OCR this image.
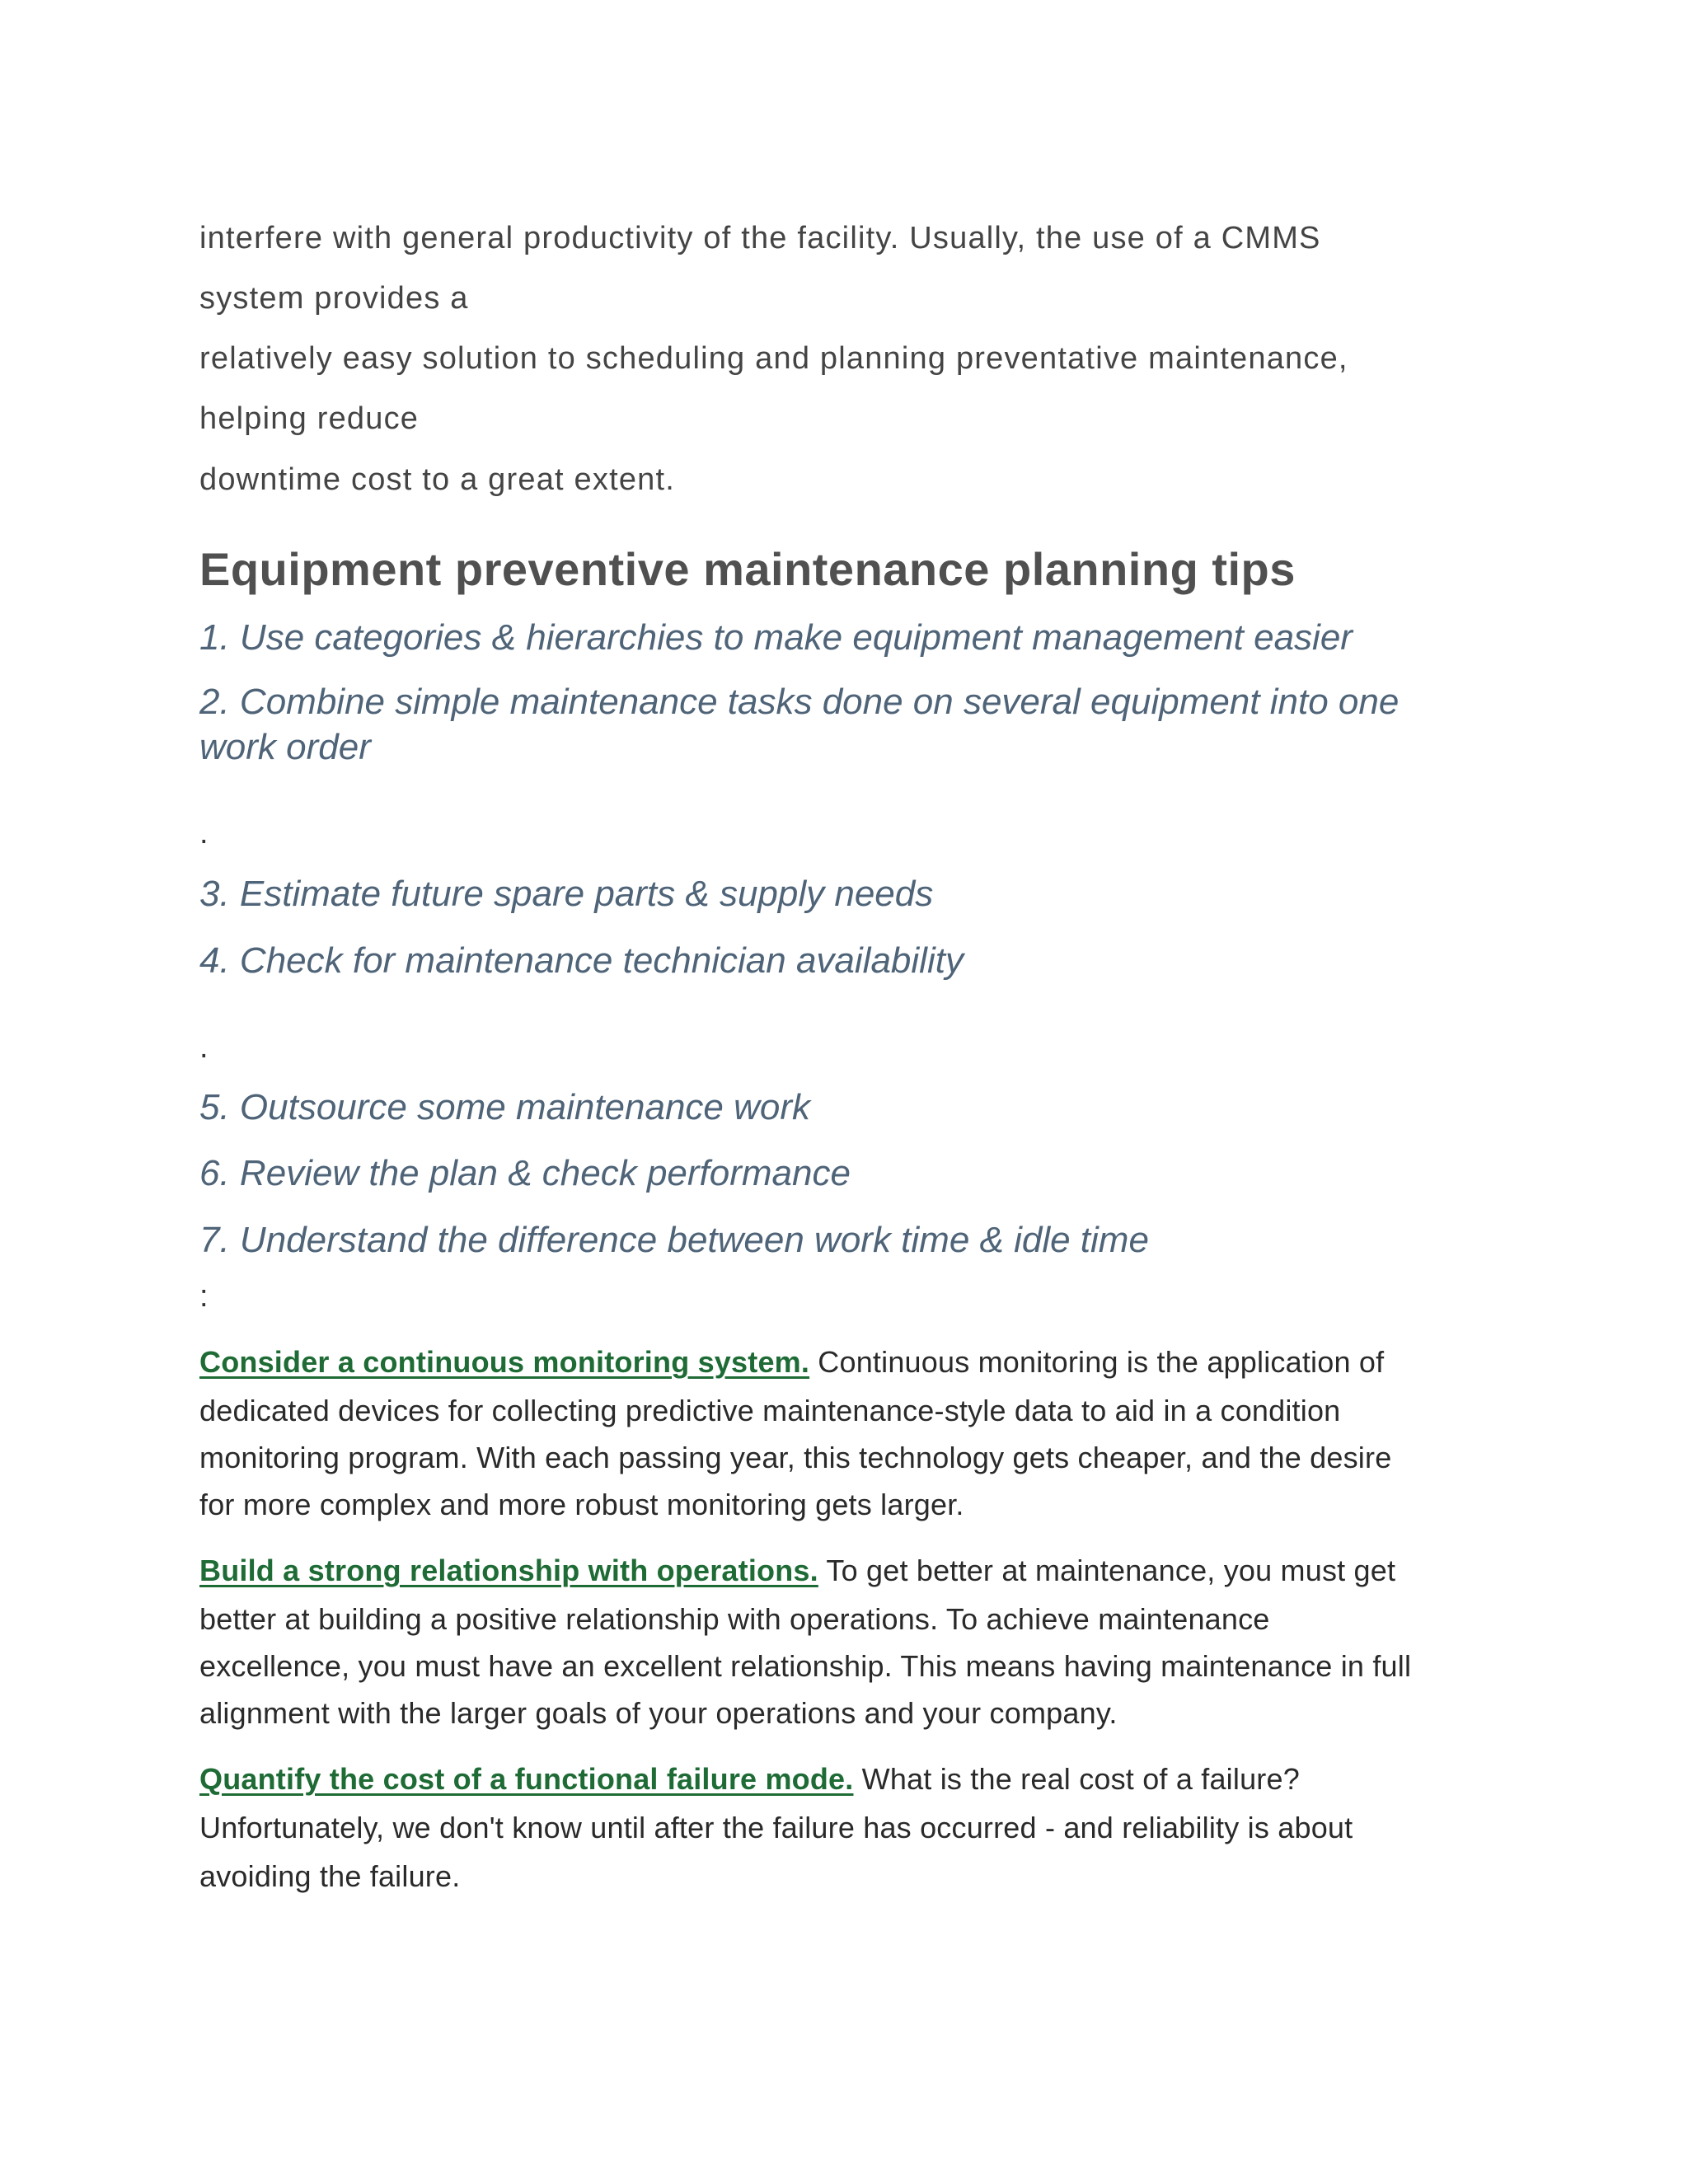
interfere with general productivity of the facility. Usually, the use of a CMMS

system provides a

relatively easy solution to scheduling and planning preventative maintenance,

helping reduce

downtime cost to a great extent.

Equipment preventive maintenance planning tips

1. Use categories & hierarchies to make equipment management easier

2. Combine simple maintenance tasks done on several equipment into one

work order

.

3. Estimate future spare parts & supply needs

4. Check for maintenance technician availability

.

5. Outsource some maintenance work

6. Review the plan & check performance

7. Understand the difference between work time & idle time

:

Consider a continuous monitoring system. Continuous monitoring is the application of

dedicated devices for collecting predictive maintenance-style data to aid in a condition

monitoring program. With each passing year, this technology gets cheaper, and the desire

for more complex and more robust monitoring gets larger.

Build a strong relationship with operations. To get better at maintenance, you must get

better at building a positive relationship with operations. To achieve maintenance

excellence, you must have an excellent relationship. This means having maintenance in full

alignment with the larger goals of your operations and your company.

Quantify the cost of a functional failure mode. What is the real cost of a failure?

Unfortunately, we don't know until after the failure has occurred - and reliability is about

avoiding the failure.
